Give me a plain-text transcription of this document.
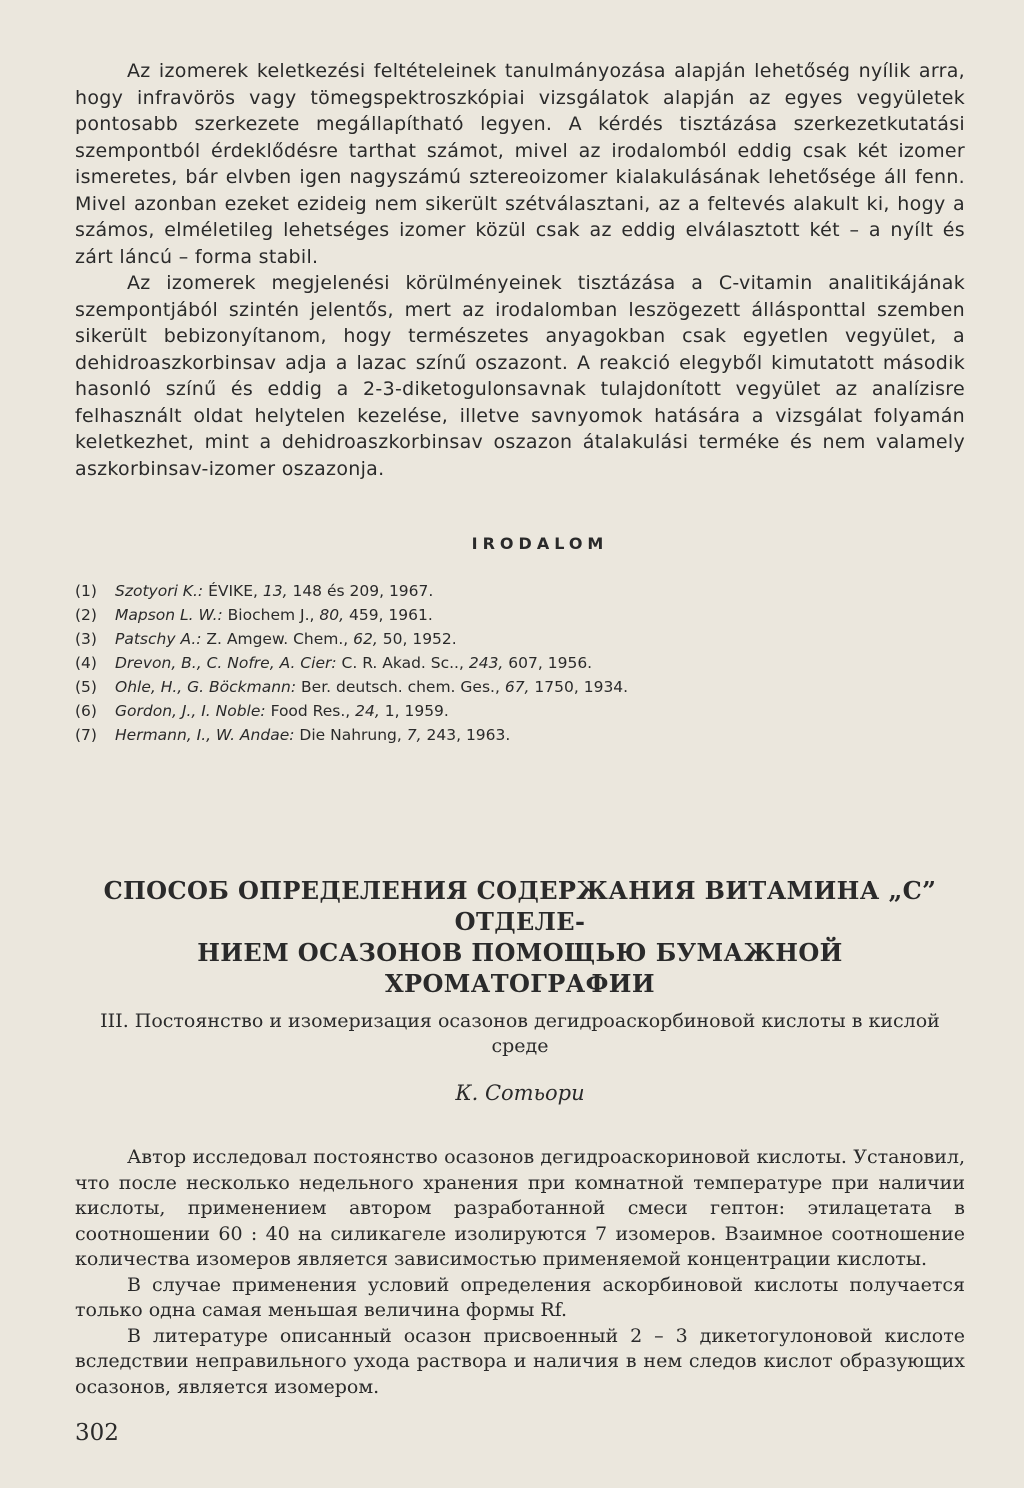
Az izomerek keletkezési feltételeinek tanulmányozása alapján lehetőség nyílik arra, hogy infravörös vagy tömegspektroszkópiai vizsgálatok alapján az egyes vegyületek pontosabb szerkezete megállapítható legyen. A kérdés tisztázása szerkezetkutatási szempontból érdeklődésre tarthat számot, mivel az irodalomból eddig csak két izomer ismeretes, bár elvben igen nagyszámú sztereoizomer kialakulásának lehetősége áll fenn. Mivel azonban ezeket ezideig nem sikerült szétválasztani, az a feltevés alakult ki, hogy a számos, elméletileg lehetséges izomer közül csak az eddig elválasztott két – a nyílt és zárt láncú – forma stabil.

Az izomerek megjelenési körülményeinek tisztázása a C-vitamin analitikájának szempontjából szintén jelentős, mert az irodalomban leszögezett állásponttal szemben sikerült bebizonyítanom, hogy természetes anyagokban csak egyetlen vegyület, a dehidroaszkorbinsav adja a lazac színű oszazont. A reakció elegyből kimutatott második hasonló színű és eddig a 2-3-diketogulonsavnak tulajdonított vegyület az analízisre felhasznált oldat helytelen kezelése, illetve savnyomok hatására a vizsgálat folyamán keletkezhet, mint a dehidroaszkorbinsav oszazon átalakulási terméke és nem valamely aszkorbinsav-izomer oszazonja.

IRODALOM
(1) Szotyori K.: ÉVIKE, 13, 148 és 209, 1967.
(2) Mapson L. W.: Biochem J., 80, 459, 1961.
(3) Patschy A.: Z. Amgew. Chem., 62, 50, 1952.
(4) Drevon, B., C. Nofre, A. Cier: C. R. Akad. Sc.., 243, 607, 1956.
(5) Ohle, H., G. Böckmann: Ber. deutsch. chem. Ges., 67, 1750, 1934.
(6) Gordon, J., I. Noble: Food Res., 24, 1, 1959.
(7) Hermann, I., W. Andae: Die Nahrung, 7, 243, 1963.
СПОСОБ ОПРЕДЕЛЕНИЯ СОДЕРЖАНИЯ ВИТАМИНА „С” ОТДЕЛЕ-
НИЕМ ОСАЗОНОВ ПОМОЩЬЮ БУМАЖНОЙ ХРОМАТОГРАФИИ

III. Постоянство и изомеризация осазонов дегидроаскорбиновой кислоты в кислой среде

К. Сотьори

Автор исследовал постоянство осазонов дегидроаскориновой кислоты. Установил, что после несколько недельного хранения при комнатной температуре при наличии кислоты, применением автором разработанной смеси гептон: этилацетата в соотношении 60 : 40 на силикагеле изолируются 7 изомеров. Взаимное соотношение количества изомеров является зависимостью применяемой концентрации кислоты.

В случае применения условий определения аскорбиновой кислоты получается только одна самая меньшая величина формы Rf.

В литературе описанный осазон присвоенный 2 – 3 дикетогулоновой кислоте вследствии неправильного ухода раствора и наличия в нем следов кислот образующих осазонов, является изомером.

302
